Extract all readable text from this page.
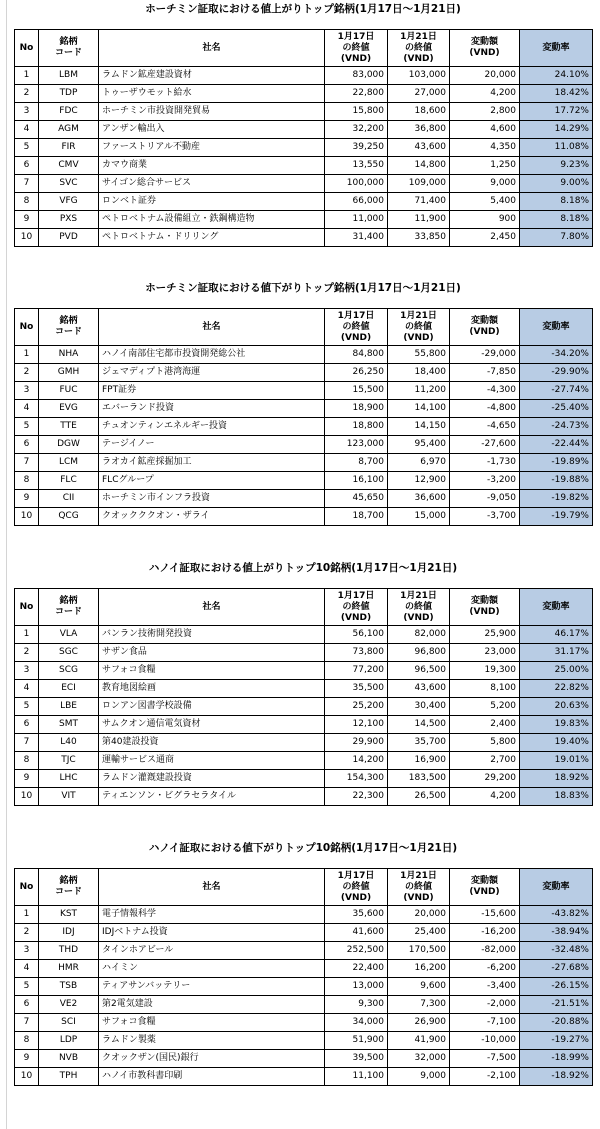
ホーチミン証取における値上がりトップ銘柄(1月17日～1月21日)
No	銘柄
コード	社名	1月17日
の終値
(VND)	1月21日
の終値
(VND)	変動額
(VND)	変動率
1	LBM	ラムドン鉱産建設資材	83,000	103,000	20,000	24.10%
2	TDP	トゥーザウモット給水	22,800	27,000	4,200	18.42%
3	FDC	ホーチミン市投資開発貿易	15,800	18,600	2,800	17.72%
4	AGM	アンザン輸出入	32,200	36,800	4,600	14.29%
5	FIR	ファーストリアル不動産	39,250	43,600	4,350	11.08%
6	CMV	カマウ商業	13,550	14,800	1,250	9.23%
7	SVC	サイゴン総合サービス	100,000	109,000	9,000	9.00%
8	VFG	ロンベト証券	66,000	71,400	5,400	8.18%
9	PXS	ペトロベトナム設備組立・鉄鋼構造物	11,000	11,900	900	8.18%
10	PVD	ペトロベトナム・ドリリング	31,400	33,850	2,450	7.80%
ホーチミン証取における値下がりトップ銘柄(1月17日～1月21日)
No	銘柄
コード	社名	1月17日
の終値
(VND)	1月21日
の終値
(VND)	変動額
(VND)	変動率
1	NHA	ハノイ南部住宅都市投資開発総公社	84,800	55,800	-29,000	-34.20%
2	GMH	ジェマディプト港湾海運	26,250	18,400	-7,850	-29.90%
3	FUC	FPT証券	15,500	11,200	-4,300	-27.74%
4	EVG	エバーランド投資	18,900	14,100	-4,800	-25.40%
5	TTE	チュオンティンエネルギー投資	18,800	14,150	-4,650	-24.73%
6	DGW	テージイノー	123,000	95,400	-27,600	-22.44%
7	LCM	ラオカイ鉱産採掘加工	8,700	6,970	-1,730	-19.89%
8	FLC	FLCグループ	16,100	12,900	-3,200	-19.88%
9	CII	ホーチミン市インフラ投資	45,650	36,600	-9,050	-19.82%
10	QCG	クオックククオン・ザライ	18,700	15,000	-3,700	-19.79%
ハノイ証取における値上がりトップ10銘柄(1月17日～1月21日)
No	銘柄
コード	社名	1月17日
の終値
(VND)	1月21日
の終値
(VND)	変動額
(VND)	変動率
1	VLA	バンラン技術開発投資	56,100	82,000	25,900	46.17%
2	SGC	サザン食品	73,800	96,800	23,000	31.17%
3	SCG	サフォコ食糧	77,200	96,500	19,300	25.00%
4	ECI	教育地図絵画	35,500	43,600	8,100	22.82%
5	LBE	ロンアン図書学校設備	25,200	30,400	5,200	20.63%
6	SMT	サムクオン通信電気資材	12,100	14,500	2,400	19.83%
7	L40	第40建設投資	29,900	35,700	5,800	19.40%
8	TJC	運輸サービス通商	14,200	16,900	2,700	19.01%
9	LHC	ラムドン灌漑建設投資	154,300	183,500	29,200	18.92%
10	VIT	ティエンソン・ビグラセラタイル	22,300	26,500	4,200	18.83%
ハノイ証取における値下がりトップ10銘柄(1月17日～1月21日)
No	銘柄
コード	社名	1月17日
の終値
(VND)	1月21日
の終値
(VND)	変動額
(VND)	変動率
1	KST	電子情報科学	35,600	20,000	-15,600	-43.82%
2	IDJ	IDJベトナム投資	41,600	25,400	-16,200	-38.94%
3	THD	タインホアビール	252,500	170,500	-82,000	-32.48%
4	HMR	ハイミン	22,400	16,200	-6,200	-27.68%
5	TSB	ティアサンバッテリー	13,000	9,600	-3,400	-26.15%
6	VE2	第2電気建設	9,300	7,300	-2,000	-21.51%
7	SCI	サフォコ食糧	34,000	26,900	-7,100	-20.88%
8	LDP	ラムドン製薬	51,900	41,900	-10,000	-19.27%
9	NVB	クオックザン(国民)銀行	39,500	32,000	-7,500	-18.99%
10	TPH	ハノイ市教科書印刷	11,100	9,000	-2,100	-18.92%
